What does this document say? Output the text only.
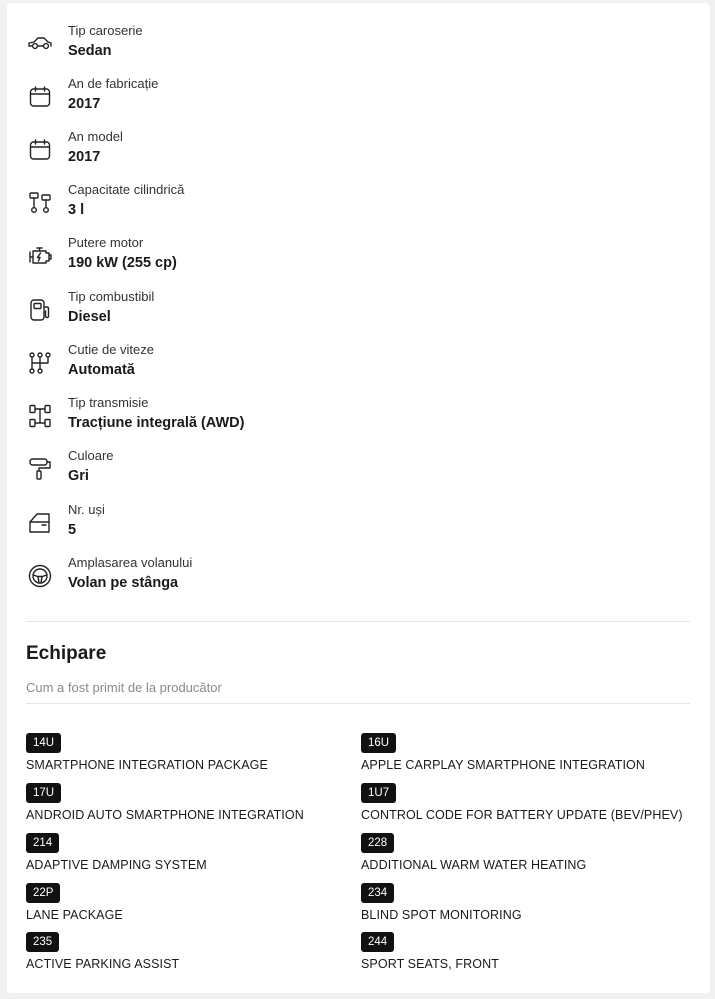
Tip caroserie
Sedan
An de fabricație
2017
An model
2017
Capacitate cilindrică
3 l
Putere motor
190 kW (255 cp)
Tip combustibil
Diesel
Cutie de viteze
Automată
Tip transmisie
Tracțiune integrală (AWD)
Culoare
Gri
Nr. uși
5
Amplasarea volanului
Volan pe stânga
Echipare
Cum a fost primit de la producător
14U
SMARTPHONE INTEGRATION PACKAGE
16U
APPLE CARPLAY SMARTPHONE INTEGRATION
17U
ANDROID AUTO SMARTPHONE INTEGRATION
1U7
CONTROL CODE FOR BATTERY UPDATE (BEV/PHEV)
214
ADAPTIVE DAMPING SYSTEM
228
ADDITIONAL WARM WATER HEATING
22P
LANE PACKAGE
234
BLIND SPOT MONITORING
235
ACTIVE PARKING ASSIST
244
SPORT SEATS, FRONT
